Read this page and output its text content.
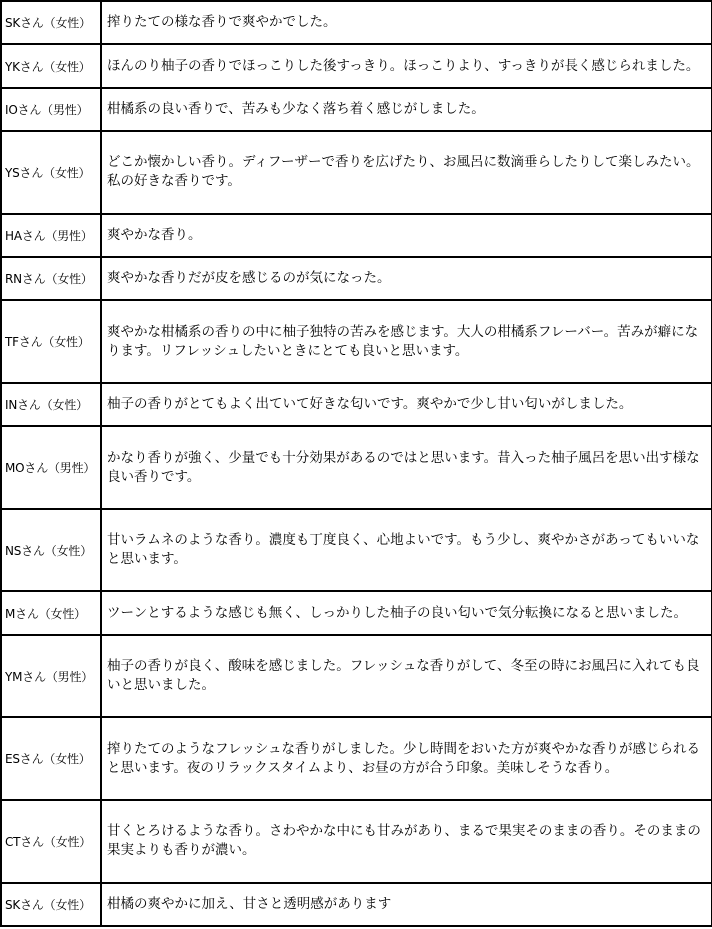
SKさん（女性）	搾りたての様な香りで爽やかでした。

YKさん（女性）	ほんのり柚子の香りでほっこりした後すっきり。ほっこりより、すっきりが長く感じられました。

IOさん（男性）	柑橘系の良い香りで、苦みも少なく落ち着く感じがしました。

YSさん（女性）	どこか懐かしい香り。ディフーザーで香りを広げたり、お風呂に数滴垂らしたりして楽しみたい。私の好きな香りです。

HAさん（男性）	爽やかな香り。

RNさん（女性）	爽やかな香りだが皮を感じるのが気になった。

TFさん（女性）	爽やかな柑橘系の香りの中に柚子独特の苦みを感じます。大人の柑橘系フレーバー。苦みが癖になります。リフレッシュしたいときにとても良いと思います。

INさん（女性）	柚子の香りがとてもよく出ていて好きな匂いです。爽やかで少し甘い匂いがしました。

MOさん（男性）	かなり香りが強く、少量でも十分効果があるのではと思います。昔入った柚子風呂を思い出す様な良い香りです。

NSさん（女性）	甘いラムネのような香り。濃度も丁度良く、心地よいです。もう少し、爽やかさがあってもいいなと思います。

Mさん（女性）	ツーンとするような感じも無く、しっかりした柚子の良い匂いで気分転換になると思いました。

YMさん（男性）	柚子の香りが良く、酸味を感じました。フレッシュな香りがして、冬至の時にお風呂に入れても良いと思いました。

ESさん（女性）	搾りたてのようなフレッシュな香りがしました。少し時間をおいた方が爽やかな香りが感じられると思います。夜のリラックスタイムより、お昼の方が合う印象。美味しそうな香り。

CTさん（女性）	甘くとろけるような香り。さわやかな中にも甘みがあり、まるで果実そのままの香り。そのままの果実よりも香りが濃い。

SKさん（女性）	柑橘の爽やかに加え、甘さと透明感があります
